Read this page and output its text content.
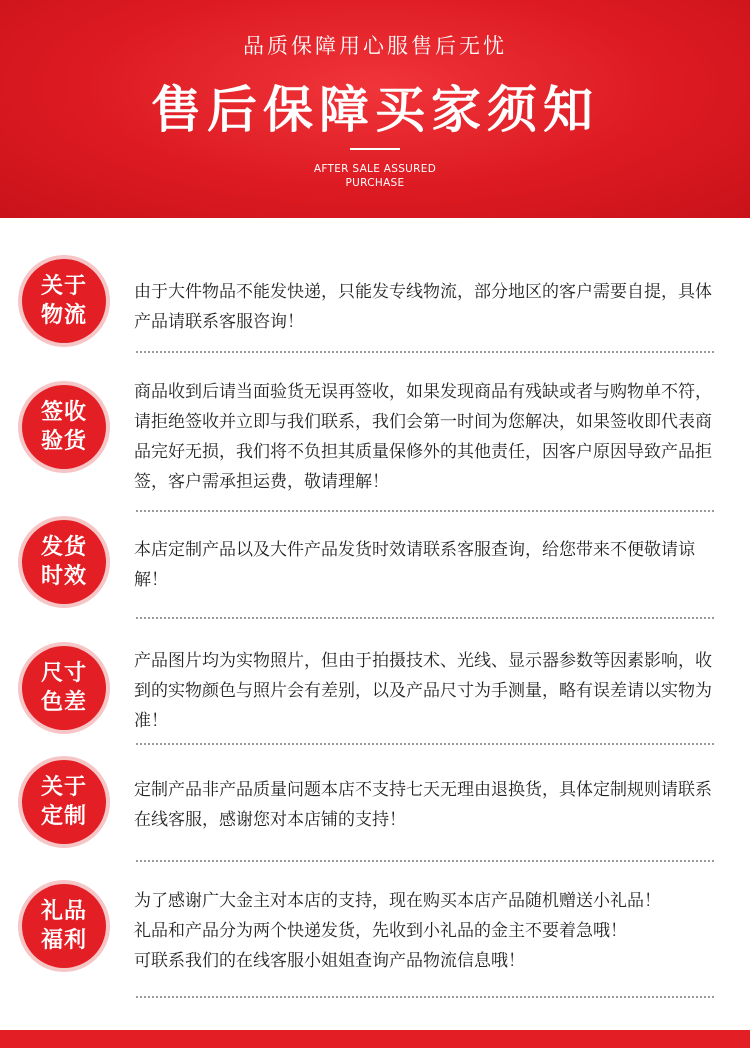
品质保障用心服售后无忧
售后保障买家须知
AFTER SALE ASSURED
PURCHASE
关于
物流
由于大件物品不能发快递，只能发专线物流，部分地区的客户需要自提，具体产品请联系客服咨询！
签收
验货
商品收到后请当面验货无误再签收，如果发现商品有残缺或者与购物单不符，请拒绝签收并立即与我们联系，我们会第一时间为您解决，如果签收即代表商品完好无损，我们将不负担其质量保修外的其他责任，因客户原因导致产品拒签，客户需承担运费，敬请理解！
发货
时效
本店定制产品以及大件产品发货时效请联系客服查询，给您带来不便敬请谅解！
尺寸
色差
产品图片均为实物照片，但由于拍摄技术、光线、显示器参数等因素影响，收到的实物颜色与照片会有差别，以及产品尺寸为手测量，略有误差请以实物为准！
关于
定制
定制产品非产品质量问题本店不支持七天无理由退换货，具体定制规则请联系在线客服，感谢您对本店铺的支持！
礼品
福利
为了感谢广大金主对本店的支持，现在购买本店产品随机赠送小礼品！
礼品和产品分为两个快递发货，先收到小礼品的金主不要着急哦！
可联系我们的在线客服小姐姐查询产品物流信息哦！
